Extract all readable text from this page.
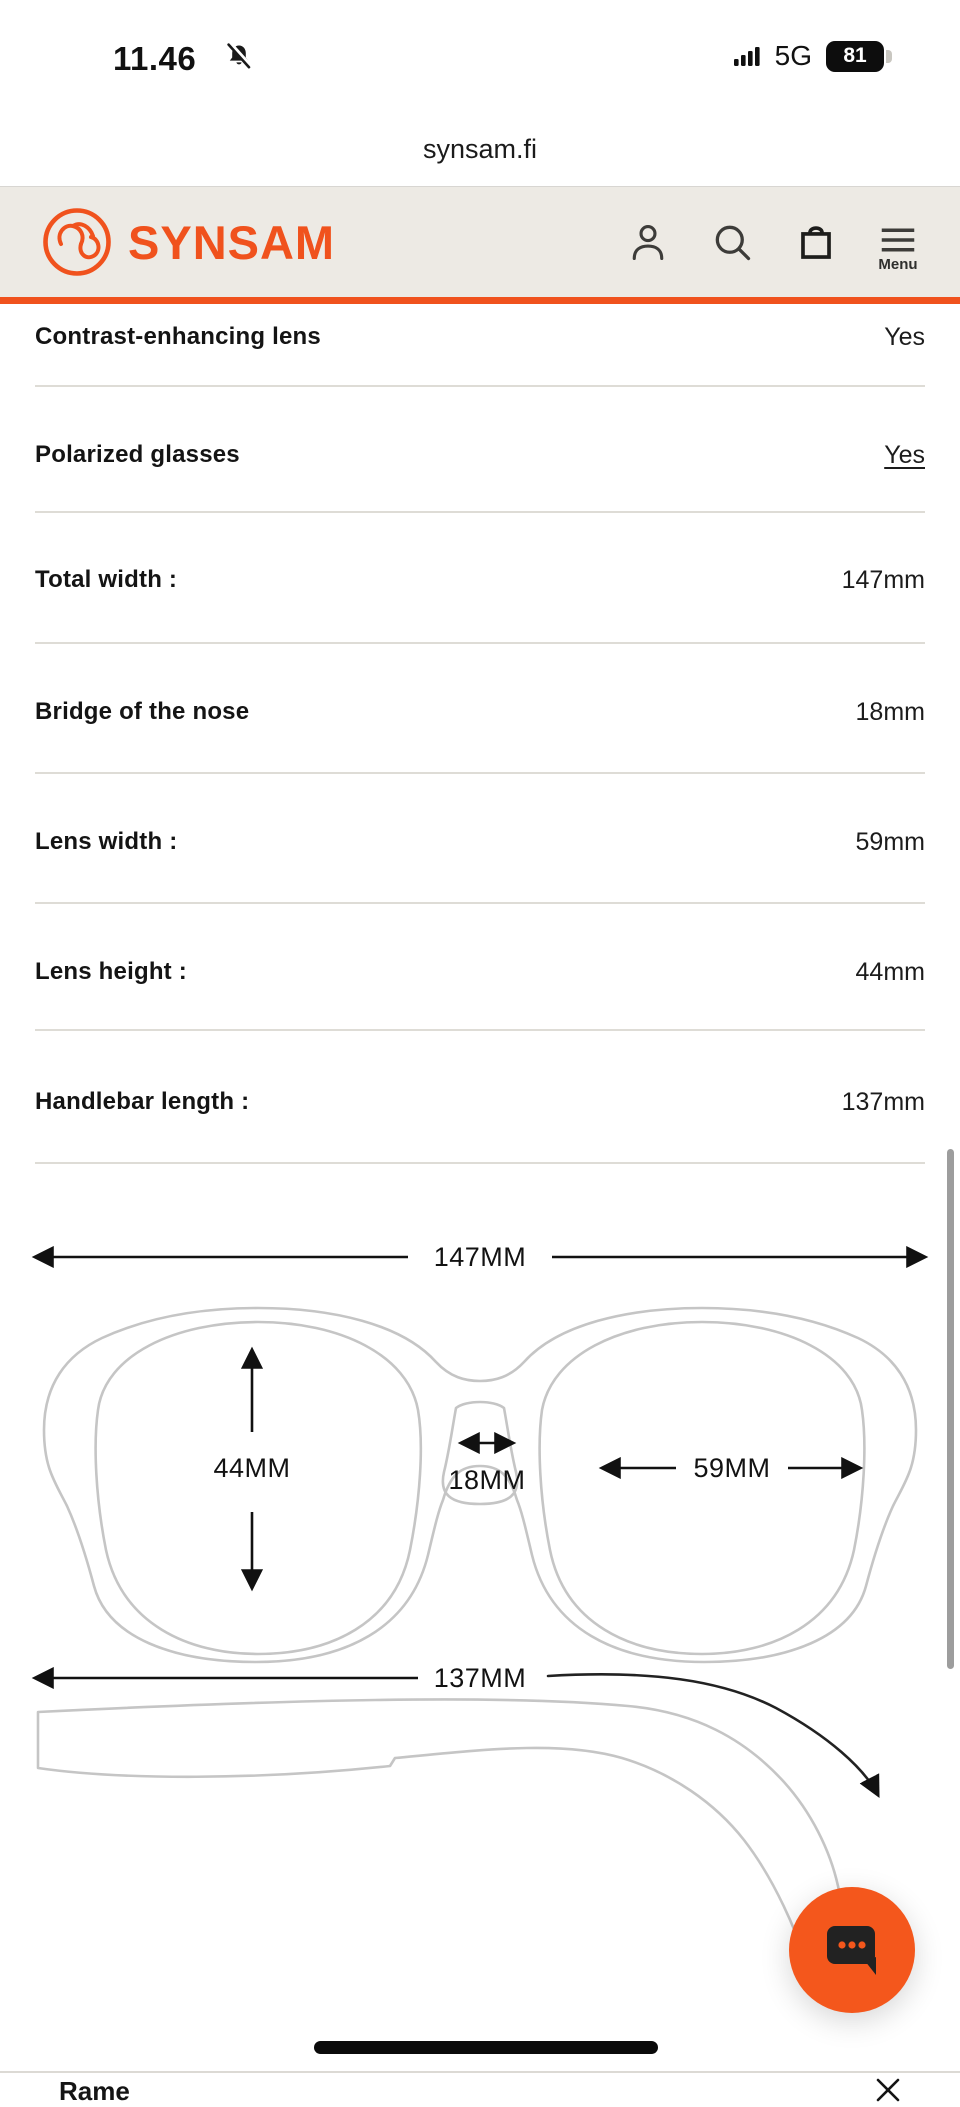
11.46	5G 81
synsam.fi
SYNSAM	Menu
Contrast-enhancing lens	Yes
Polarized glasses	Yes
Total width :	147mm
Bridge of the nose	18mm
Lens width :	59mm
Lens height :	44mm
Handlebar length :	137mm
147MM
44MM	18MM	59MM
137MM
Rame
